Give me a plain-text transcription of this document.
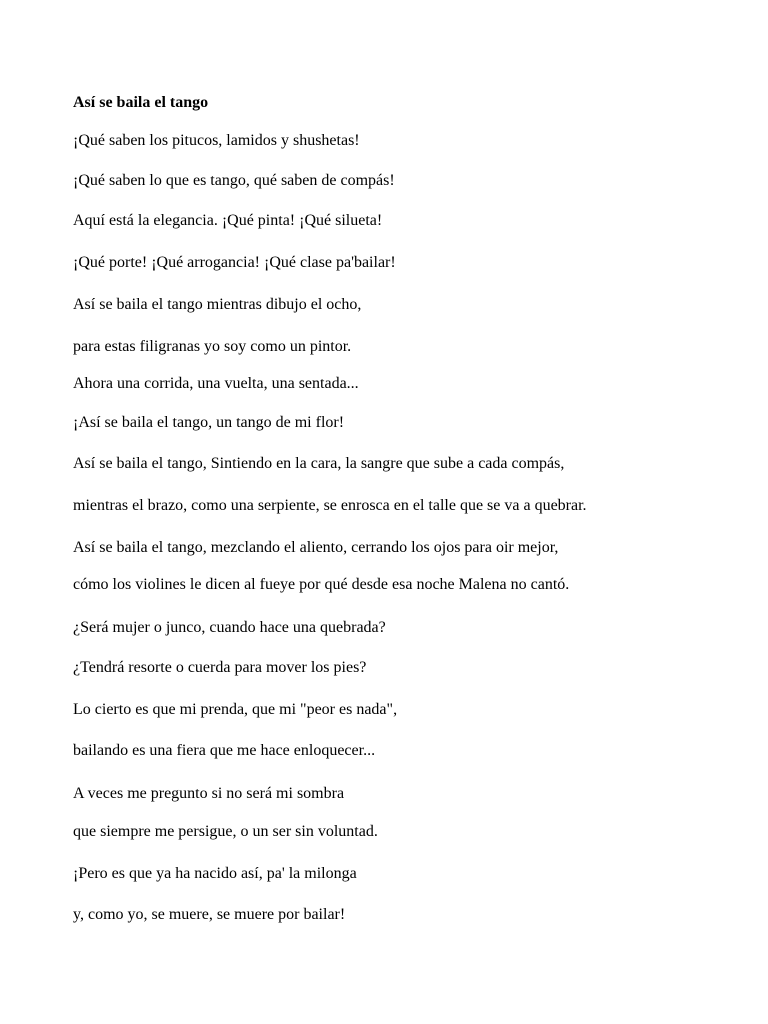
Así se baila el tango

¡Qué saben los pitucos, lamidos y shushetas!

¡Qué saben lo que es tango, qué saben de compás!

Aquí está la elegancia. ¡Qué pinta! ¡Qué silueta!

¡Qué porte! ¡Qué arrogancia! ¡Qué clase pa'bailar!

Así se baila el tango mientras dibujo el ocho,

para estas filigranas yo soy como un pintor.

Ahora una corrida, una vuelta, una sentada...

¡Así se baila el tango, un tango de mi flor!

Así se baila el tango, Sintiendo en la cara, la sangre que sube a cada compás,

mientras el brazo, como una serpiente, se enrosca en el talle que se va a quebrar.

Así se baila el tango, mezclando el aliento, cerrando los ojos para oir mejor,

cómo los violines le dicen al fueye por qué desde esa noche Malena no cantó.

¿Será mujer o junco, cuando hace una quebrada?

¿Tendrá resorte o cuerda para mover los pies?

Lo cierto es que mi prenda, que mi "peor es nada",

bailando es una fiera que me hace enloquecer...

A veces me pregunto si no será mi sombra

que siempre me persigue, o un ser sin voluntad.

¡Pero es que ya ha nacido así, pa' la milonga

y, como yo, se muere, se muere por bailar!
